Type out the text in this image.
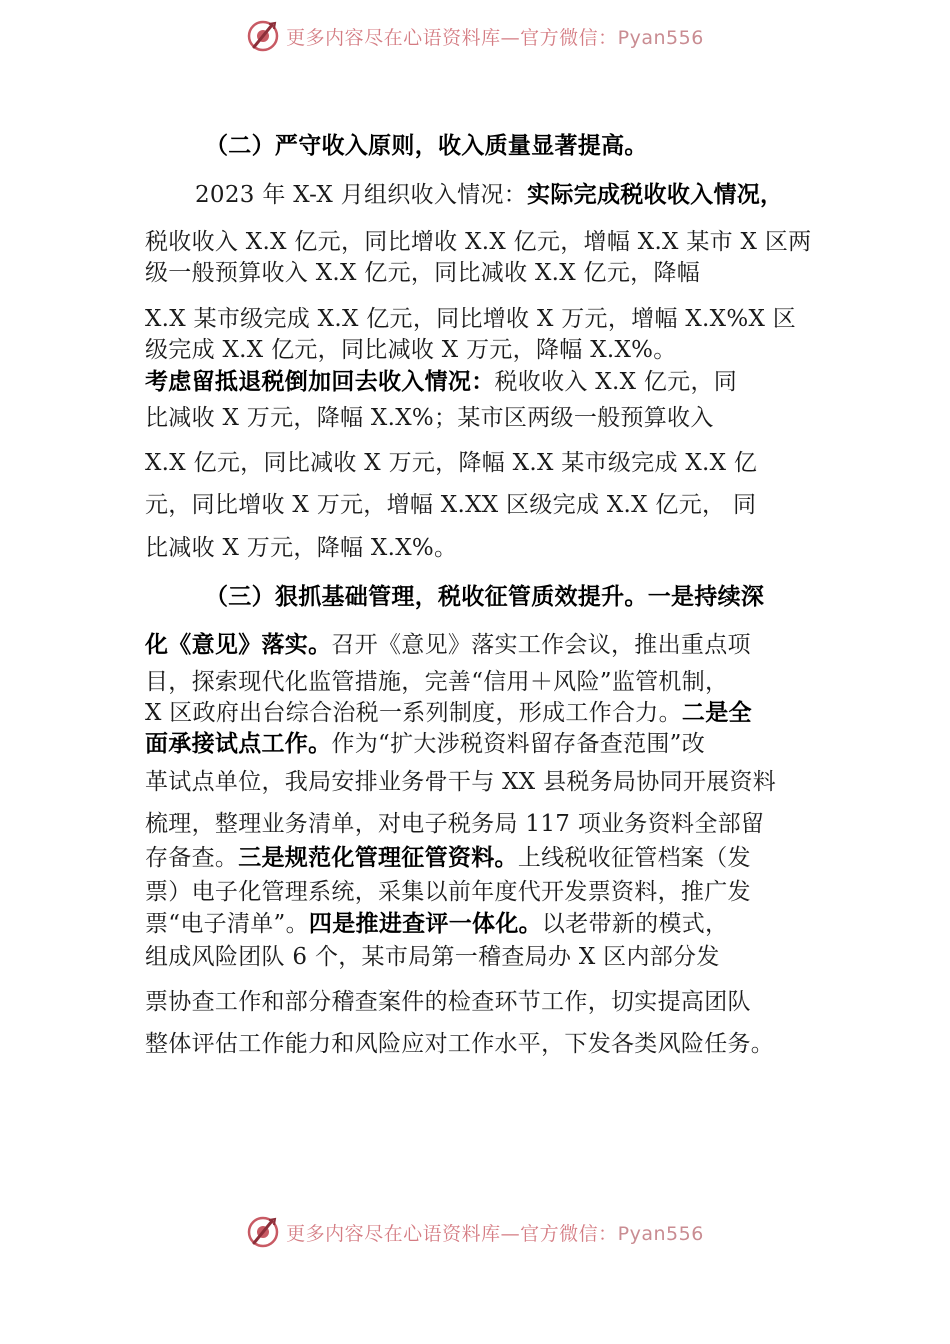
更多内容尽在心语资料库—官方微信：Pyan556
（二）严守收入原则，收入质量显著提高。
2023 年 X-X 月组织收入情况：实际完成税收收入情况，
税收收入 X.X 亿元，同比增收 X.X 亿元，增幅 X.X 某市 X 区两
级一般预算收入 X.X 亿元，同比减收 X.X 亿元，降幅
X.X 某市级完成 X.X 亿元，同比增收 X 万元，增幅 X.X%X 区
级完成 X.X 亿元，同比减收 X 万元，降幅 X.X%。
考虑留抵退税倒加回去收入情况：税收收入 X.X 亿元，同
比减收 X 万元，降幅 X.X%；某市区两级一般预算收入
X.X 亿元，同比减收 X 万元，降幅 X.X 某市级完成 X.X 亿
元，同比增收 X 万元，增幅 X.XX 区级完成 X.X 亿元， 同
比减收 X 万元，降幅 X.X%。
（三）狠抓基础管理，税收征管质效提升。一是持续深
化《意见》落实。召开《意见》落实工作会议，推出重点项
目，探索现代化监管措施，完善“信用＋风险”监管机制，
X 区政府出台综合治税一系列制度，形成工作合力。二是全
面承接试点工作。作为“扩大涉税资料留存备查范围”改
革试点单位，我局安排业务骨干与 XX 县税务局协同开展资料
梳理，整理业务清单，对电子税务局 117 项业务资料全部留
存备查。三是规范化管理征管资料。上线税收征管档案（发
票）电子化管理系统，采集以前年度代开发票资料，推广发
票“电子清单”。四是推进查评一体化。以老带新的模式，
组成风险团队 6 个，某市局第一稽查局办 X 区内部分发
票协查工作和部分稽查案件的检查环节工作，切实提高团队
整体评估工作能力和风险应对工作水平，下发各类风险任务。
更多内容尽在心语资料库—官方微信：Pyan556
